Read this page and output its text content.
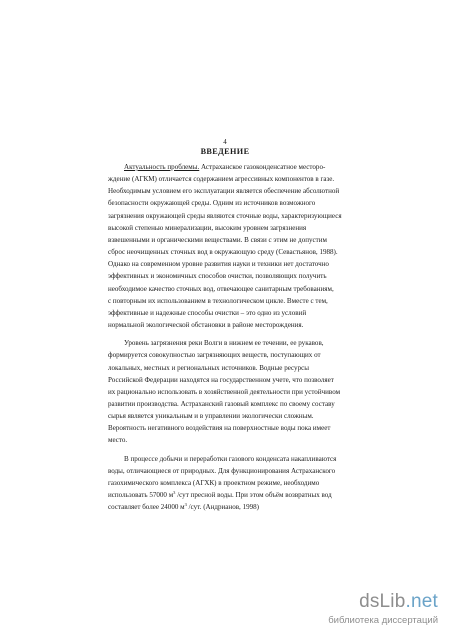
4
ВВЕДЕНИЕ

Актуальность проблемы. Астраханское газоконденсатное месторо-

ждение (АГКМ) отличается содержанием агрессивных компонентов в газе.

Необходимым условием его эксплуатации является обеспечение абсолютной

безопасности окружающей среды. Одним из источников возможного

загрязнения окружающей среды являются сточные воды, характеризующиеся

высокой степенью минерализации, высоким уровнем загрязнения

взвешенными и органическими веществами. В связи с этим не допустим

сброс неочищенных сточных вод в окружающую среду (Севастьянов, 1988).

Однако на современном уровне развития науки и техники нет достаточно

эффективных и экономичных способов очистки, позволяющих получить

необходимое качество сточных вод, отвечающее санитарным требованиям,

с повторным их использованием в технологическом цикле. Вместе с тем,

эффективные и надежные способы очистки – это одно из условий

нормальной экологической обстановки в районе месторождения.

Уровень загрязнения реки Волги в нижнем ее течении, ее рукавов,

формируется совокупностью загрязняющих веществ, поступающих от

локальных, местных и региональных источников. Водные ресурсы

Российской Федерации находятся на государственном учете, что позволяет

их рационально использовать в хозяйственной деятельности при устойчивом

развитии производства. Астраханский газовый комплекс по своему составу

сырья является уникальным и в управлении экологически сложным.

Вероятность негативного воздействия на поверхностные воды пока имеет

место.

В процессе добычи и переработки газового конденсата накапливаются

воды, отличающиеся от природных. Для функционирования Астраханского

газохимического комплекса (АГХК) в проектном режиме, необходимо

использовать 57000 $м^3$ /сут пресной воды. При этом объём возвратных вод

составляет более 24000 $м^3$ /сут. (Андрианов, 1998)

dsLib.net
библиотека диссертаций
